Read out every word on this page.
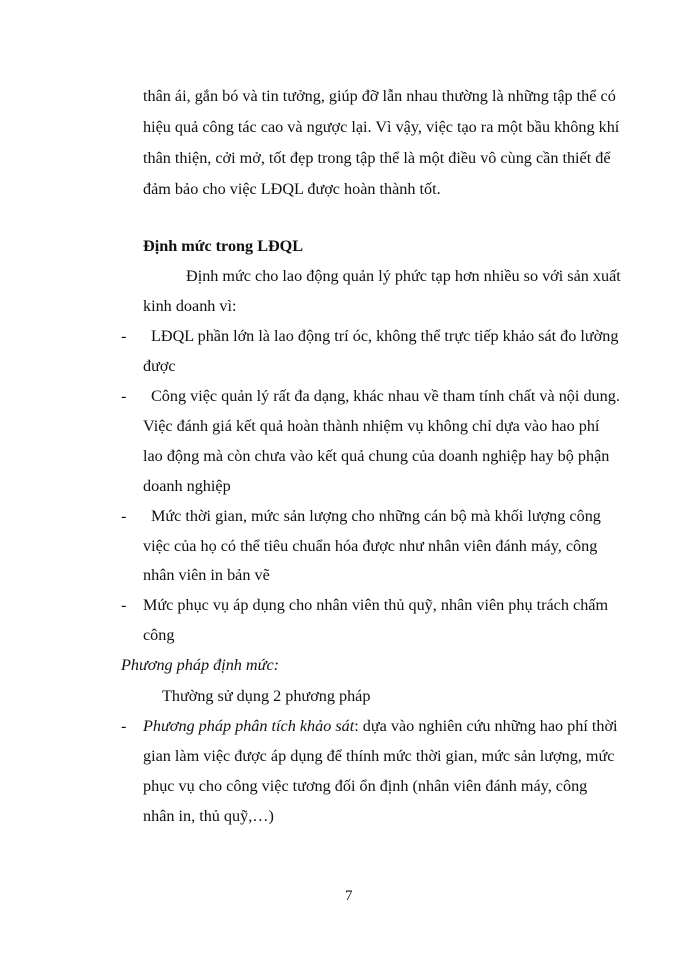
thân ái, gắn bó và tin tưởng, giúp đỡ lẫn nhau thường là những tập thể có
hiệu quả công tác cao và ngược lại. Vì vậy, việc tạo ra một bầu không khí
thân thiện, cởi mở, tốt đẹp trong tập thể là một điều vô cùng cần thiết để
đảm bảo cho việc LĐQL được hoàn thành tốt.
Định mức trong LĐQL
Định mức cho lao động quản lý phức tạp hơn nhiều so với sản xuất
kinh doanh vì:
- LĐQL phần lớn là lao động trí óc, không thể trực tiếp khảo sát đo lường
được
- Công việc quản lý rất đa dạng, khác nhau về tham tính chất và nội dung.
Việc đánh giá kết quả hoàn thành nhiệm vụ không chỉ dựa vào hao phí
lao động mà còn chưa vào kết quả chung của doanh nghiệp hay bộ phận
doanh nghiệp
- Mức thời gian, mức sản lượng cho những cán bộ mà khối lượng công
việc của họ có thể tiêu chuẩn hóa được như nhân viên đánh máy, công
nhân viên in bản vẽ
- Mức phục vụ áp dụng cho nhân viên thủ quỹ, nhân viên phụ trách chấm
công
Phương pháp định mức:
Thường sử dụng 2 phương pháp
- Phương pháp phân tích khảo sát: dựa vào nghiên cứu những hao phí thời
gian làm việc được áp dụng để thính mức thời gian, mức sản lượng, mức
phục vụ cho công việc tương đối ổn định (nhân viên đánh máy, công
nhân in, thủ quỹ,…)
7
